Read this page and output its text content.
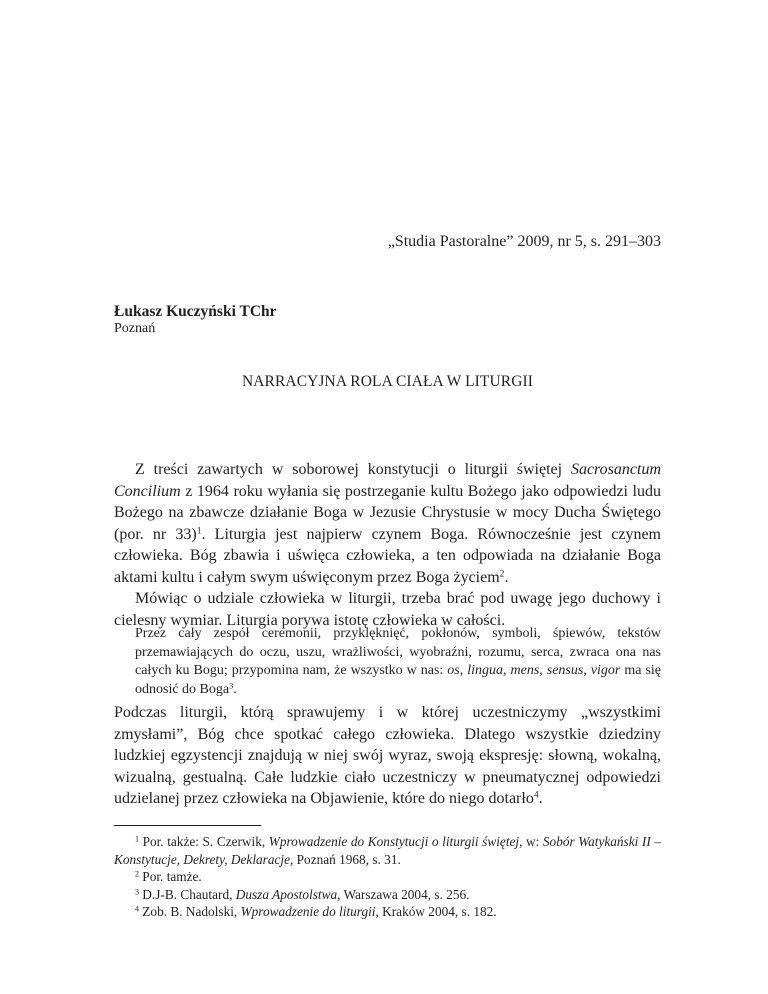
„Studia Pastoralne” 2009, nr 5, s. 291–303
Łukasz Kuczyński TChr
Poznań
NARRACYJNA ROLA CIAŁA W LITURGII

Z treści zawartych w soborowej konstytucji o liturgii świętej Sacrosanctum Concilium z 1964 roku wyłania się postrzeganie kultu Bożego jako odpowiedzi ludu Bożego na zbawcze działanie Boga w Jezusie Chrystusie w mocy Ducha Świętego (por. nr 33)$^1$. Liturgia jest najpierw czynem Boga. Równocześnie jest czynem człowieka. Bóg zbawia i uświęca człowieka, a ten odpowiada na działanie Boga aktami kultu i całym swym uświęconym przez Boga życiem$^2$.

Mówiąc o udziale człowieka w liturgii, trzeba brać pod uwagę jego duchowy i cielesny wymiar. Liturgia porywa istotę człowieka w całości.

Przez cały zespół ceremonii, przyklęknięć, pokłonów, symboli, śpiewów, tekstów przemawiających do oczu, uszu, wrażliwości, wyobraźni, rozumu, serca, zwraca ona nas całych ku Bogu; przypomina nam, że wszystko w nas: os, lingua, mens, sensus, vigor ma się odnosić do Boga$^3$.

Podczas liturgii, którą sprawujemy i w której uczestniczymy „wszystkimi zmysłami”, Bóg chce spotkać całego człowieka. Dlatego wszystkie dziedziny ludzkiej egzystencji znajdują w niej swój wyraz, swoją ekspresję: słowną, wokalną, wizualną, gestualną. Całe ludzkie ciało uczestniczy w pneumatycznej odpowiedzi udzielanej przez człowieka na Objawienie, które do niego dotarło$^4$.

$^1$ Por. także: S. Czerwik, Wprowadzenie do Konstytucji o liturgii świętej, w: Sobór Watykański II – Konstytucje, Dekrety, Deklaracje, Poznań 1968, s. 31.

$^2$ Por. tamże.

$^3$ D.J-B. Chautard, Dusza Apostolstwa, Warszawa 2004, s. 256.

$^4$ Zob. B. Nadolski, Wprowadzenie do liturgii, Kraków 2004, s. 182.
